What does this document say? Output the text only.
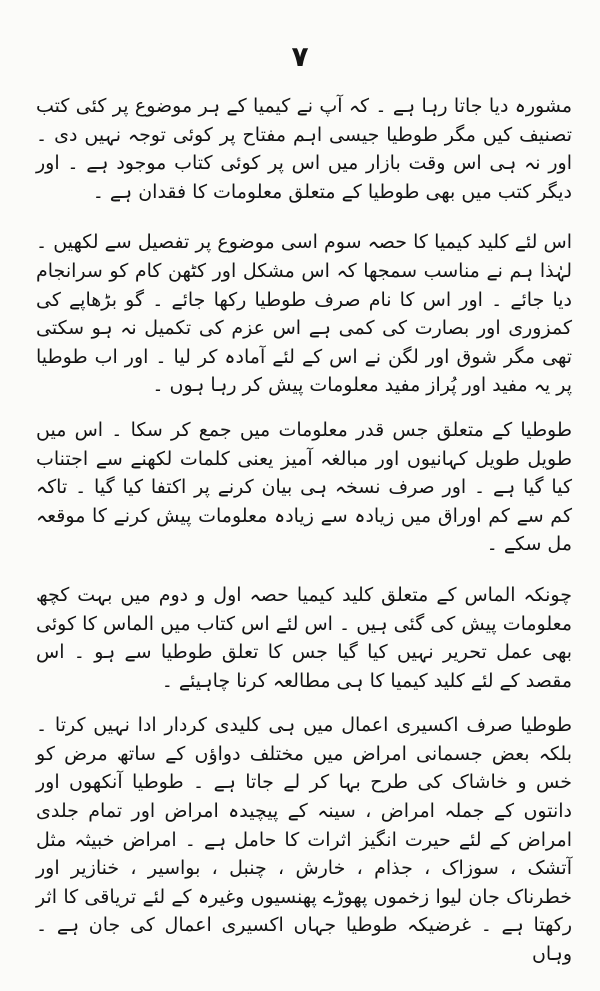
۷

مشورہ دیا جاتا رہا ہے ۔ کہ آپ نے کیمیا کے ہر موضوع پر کئی کتب تصنیف کیں مگر طوطیا جیسی اہم مفتاح پر کوئی توجہ نہیں دی ۔ اور نہ ہی اس وقت بازار میں اس پر کوئی کتاب موجود ہے ۔ اور دیگر کتب میں بھی طوطیا کے متعلق معلومات کا فقدان ہے ۔

اس لئے کلید کیمیا کا حصہ سوم اسی موضوع پر تفصیل سے لکھیں ۔ لہٰذا ہم نے مناسب سمجھا کہ اس مشکل اور کٹھن کام کو سرانجام دیا جائے ۔ اور اس کا نام صرف طوطیا رکھا جائے ۔ گو بڑھاپے کی کمزوری اور بصارت کی کمی ہے اس عزم کی تکمیل نہ ہو سکتی تھی مگر شوق اور لگن نے اس کے لئے آمادہ کر لیا ۔ اور اب طوطیا پر یہ مفید اور پُراز مفید معلومات پیش کر رہا ہوں ۔

طوطیا کے متعلق جس قدر معلومات میں جمع کر سکا ۔ اس میں طویل طویل کہانیوں اور مبالغہ آمیز یعنی کلمات لکھنے سے اجتناب کیا گیا ہے ۔ اور صرف نسخہ ہی بیان کرنے پر اکتفا کیا گیا ۔ تاکہ کم سے کم اوراق میں زیادہ سے زیادہ معلومات پیش کرنے کا موقعہ مل سکے ۔

چونکہ الماس کے متعلق کلید کیمیا حصہ اول و دوم میں بہت کچھ معلومات پیش کی گئی ہیں ۔ اس لئے اس کتاب میں الماس کا کوئی بھی عمل تحریر نہیں کیا گیا جس کا تعلق طوطیا سے ہو ۔ اس مقصد کے لئے کلید کیمیا کا ہی مطالعہ کرنا چاہیئے ۔

طوطیا صرف اکسیری اعمال میں ہی کلیدی کردار ادا نہیں کرتا ۔ بلکہ بعض جسمانی امراض میں مختلف دواؤں کے ساتھ مرض کو خس و خاشاک کی طرح بہا کر لے جاتا ہے ۔ طوطیا آنکھوں اور دانتوں کے جملہ امراض ، سینہ کے پیچیدہ امراض اور تمام جلدی امراض کے لئے حیرت انگیز اثرات کا حامل ہے ۔ امراض خبیثہ مثل آتشک ، سوزاک ، جذام ، خارش ، چنبل ، بواسیر ، خنازیر اور خطرناک جان لیوا زخموں پھوڑے پھنسیوں وغیرہ کے لئے تریاقی کا اثر رکھتا ہے ۔ غرضیکہ طوطیا جہاں اکسیری اعمال کی جان ہے ۔ وہاں
